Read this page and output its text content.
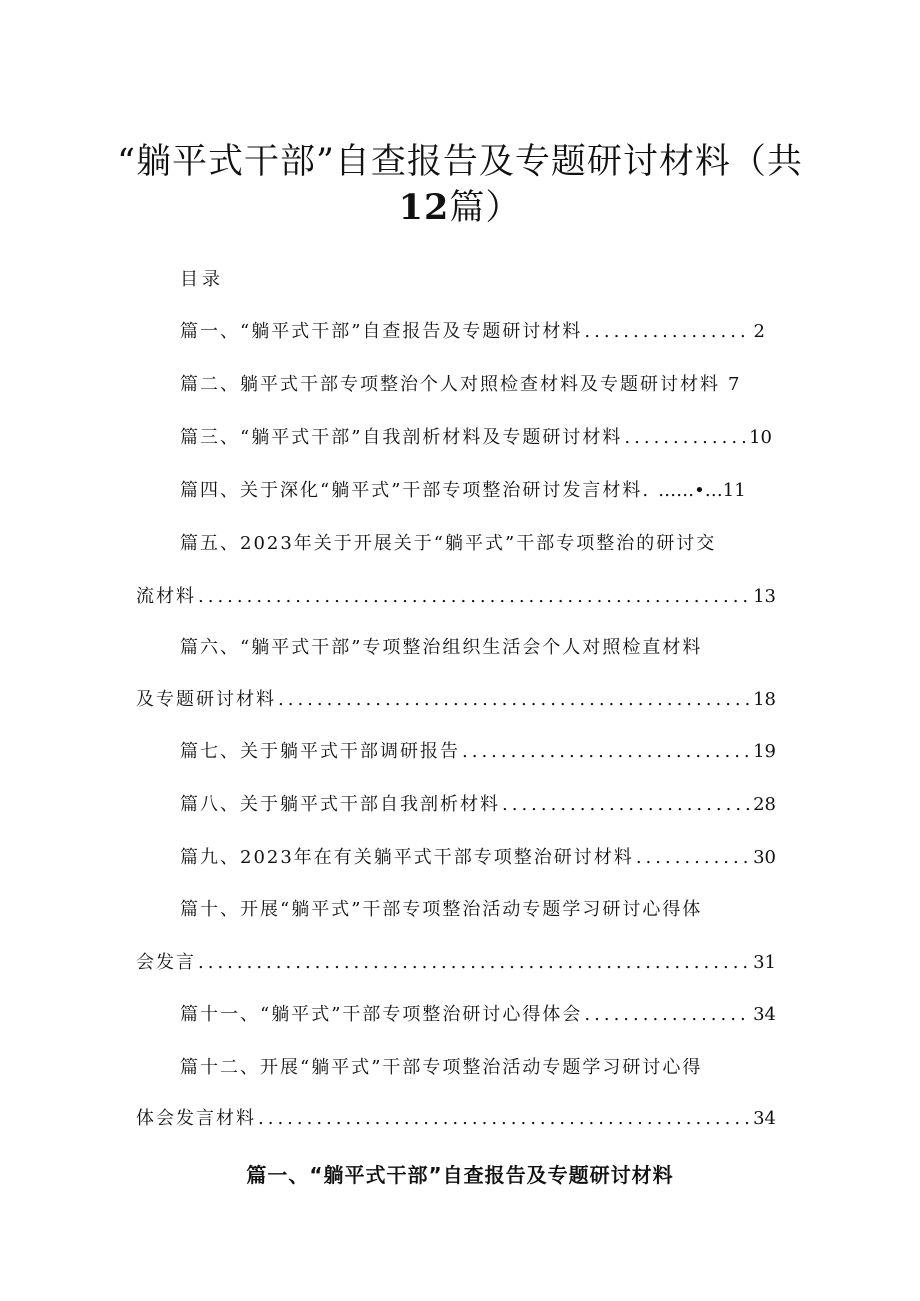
“躺平式干部”自查报告及专题研讨材料（共
12篇）
目录
篇一、“躺平式干部”自查报告及专题研讨材料 .....	2
篇二、躺平式干部专项整治个人对照检查材料及专题研讨材料 7
篇三、“躺平式干部”自我剖析材料及专题研讨材料 .....	10
篇四、关于深化“躺平式”干部专项整治研讨发言材料. ……•…11
篇五、2023年关于开展关于“躺平式”干部专项整治的研讨交
流材料 .....	13
篇六、“躺平式干部”专项整治组织生活会个人对照检直材料
及专题研讨材料 .....	18
篇七、关于躺平式干部调研报告 .....	19
篇八、关于躺平式干部自我剖析材料 .....	28
篇九、2023年在有关躺平式干部专项整治研讨材料 .....	30
篇十、开展“躺平式”干部专项整治活动专题学习研讨心得体
会发言 .....	31
篇十一、“躺平式”干部专项整治研讨心得体会 .....	34
篇十二、开展“躺平式”干部专项整治活动专题学习研讨心得
体会发言材料 .....	34
篇一、“躺平式干部”自查报告及专题研讨材料
